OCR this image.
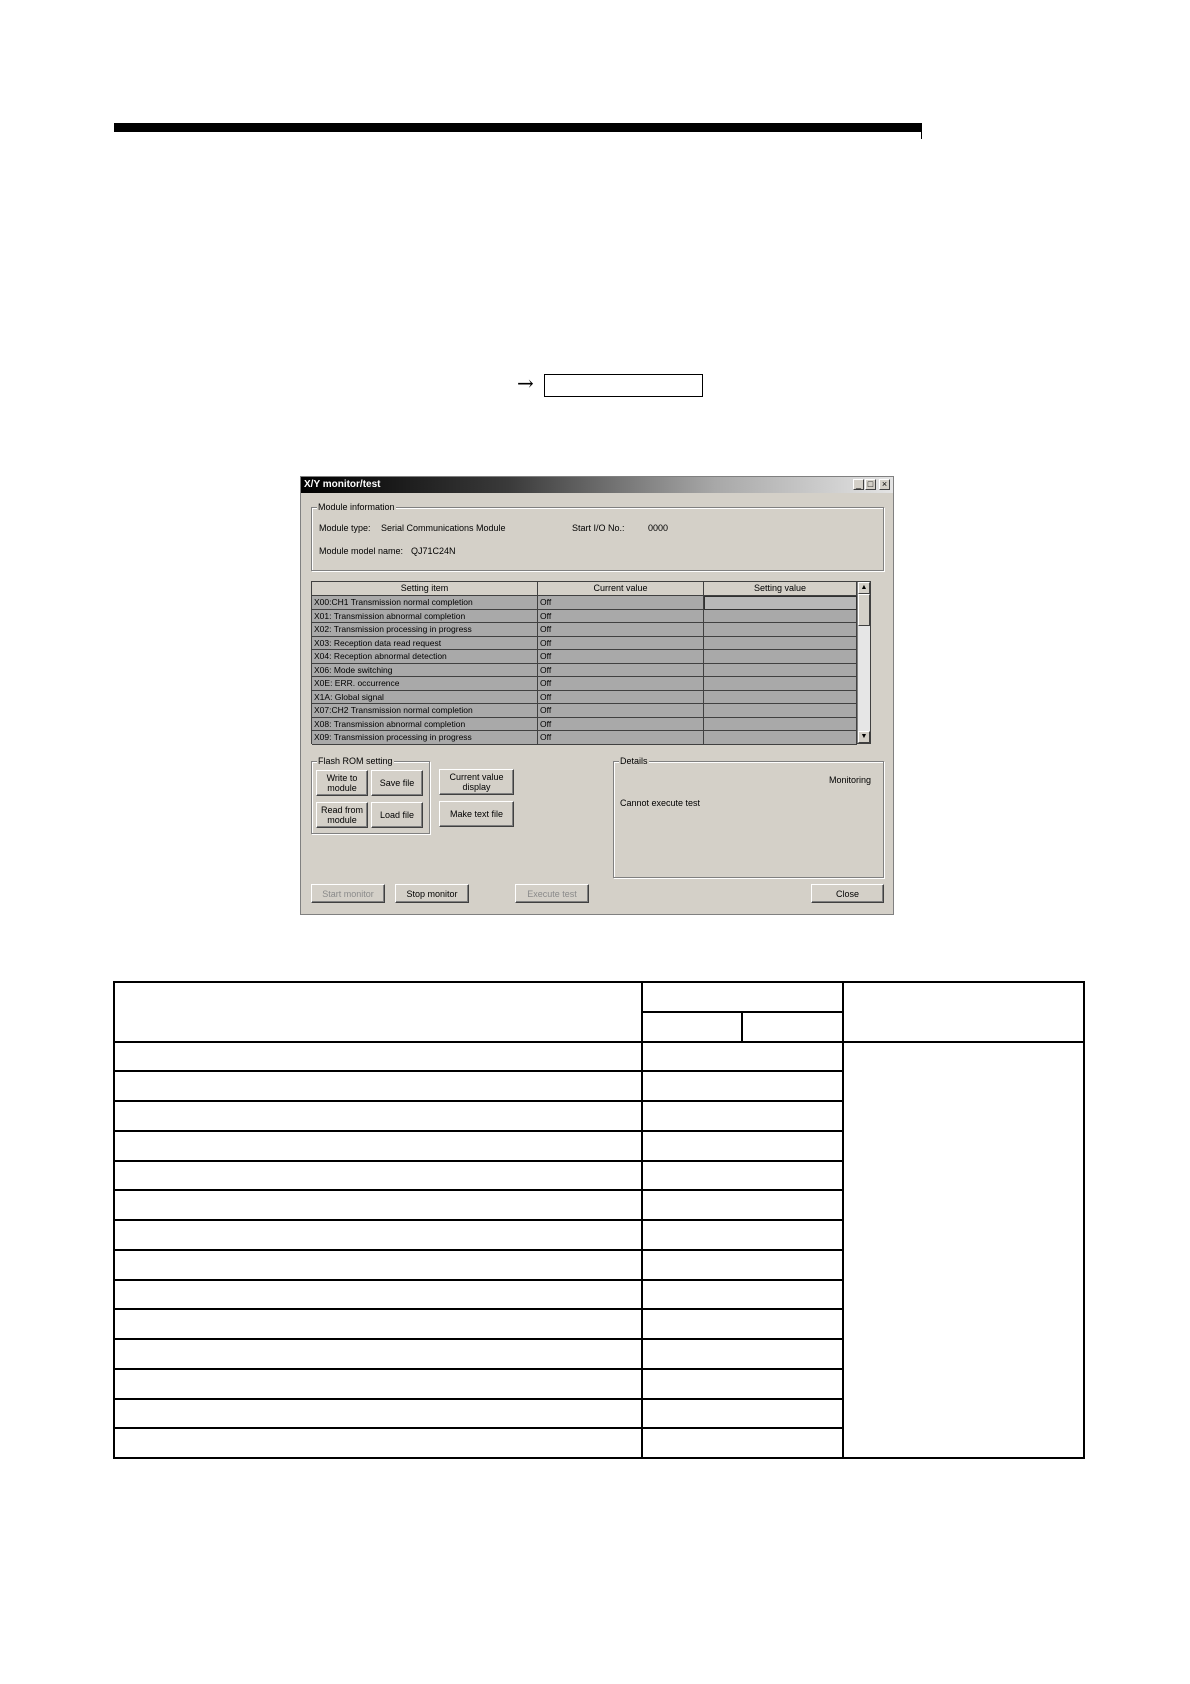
→
X/Y monitor/test	_ □ ×
Module information
Module type: Serial Communications Module	Start I/O No.:	0000
Module model name: QJ71C24N
Setting item	Current value	Setting value
X00:CH1 Transmission normal completion	Off
X01: Transmission abnormal completion	Off
X02: Transmission processing in progress	Off
X03: Reception data read request	Off
X04: Reception abnormal detection	Off
X06: Mode switching	Off
X0E: ERR. occurrence	Off
X1A: Global signal	Off
X07:CH2 Transmission normal completion	Off
X08: Transmission abnormal completion	Off
X09: Transmission processing in progress	Off
▲
▼
Flash ROM setting
Write to module	Save file
Read from module	Load file
Current value display
Make text file
Details
Monitoring
Cannot execute test
Start monitor	Stop monitor	Execute test	Close
